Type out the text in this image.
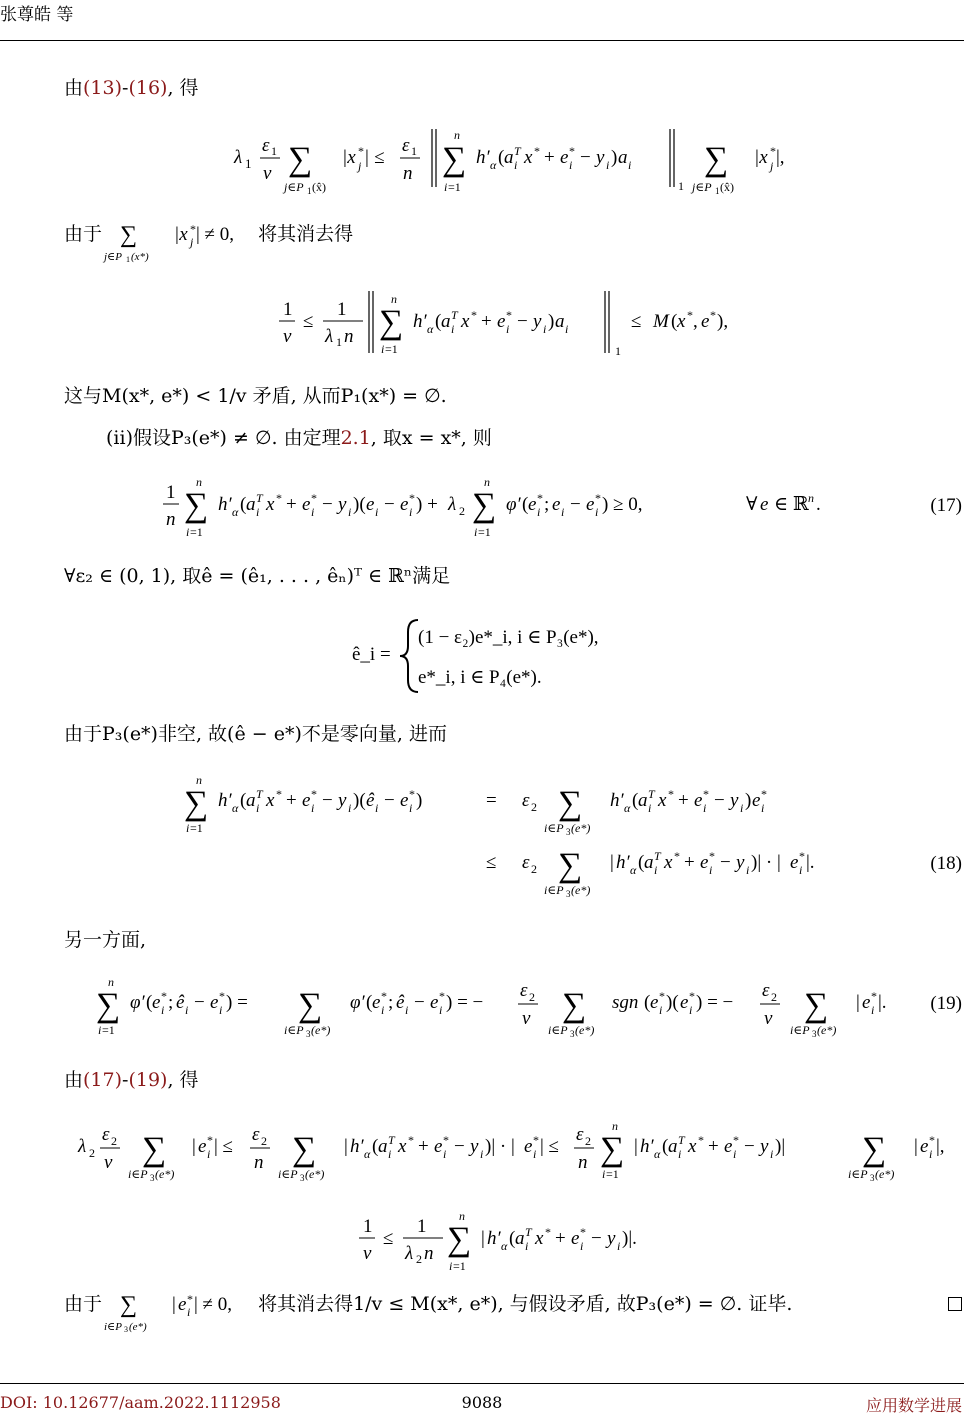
张尊皓 等
由(13)-(16), 得
λ 1
ε 1
v ∑
j∈P 1 (x̂)
|x *
j | ≤
ε 1
n ∑
n
i =1
h′ α ( a T
i x * + e *
i − y i ) a i
1
∑
j∈P 1 (x̂)
|x *
j |,
由于	将其消去得
∑
j∈P 1 (x*)
|x *
j | ≠ 0,
1
v
≤
1
λ 1 n ∑
n
i =1
h′ α ( a T
i x * + e *
i − y i ) a i
1
≤ M ( x * , e * ),
这与M(x*, e*) < 1/v 矛盾, 从而P₁(x*) = ∅.
(ii)假设P₃(e*) ≠ ∅. 由定理2.1, 取x = x*, 则
1
n ∑
n
i =1
h′ α ( a T
i x * + e *
i − y i )( e i − e *
i ) + λ 2 ∑
n
i =1
φ′ ( e *
i ; e i − e *
i ) ≥ 0,	∀ e ∈ ℝ n .	(17)
∀ε₂ ∈ (0, 1), 取ê = (ê₁, . . . , êₙ)ᵀ ∈ ℝⁿ满足
ê_i =
(1 − ε₂)e*_i, i ∈ P₃(e*),
e*_i, i ∈ P₄(e*).
由于P₃(e*)非空, 故(ê − e*)不是零向量, 进而
∑
n
i =1
h′ α ( a T
i x * + e *
i − y i )( ê i − e *
i )	= ε 2 ∑
i∈P 3 (e*)
h′ α ( a T
i x * + e *
i − y i ) e *
i
≤ ε 2 ∑
i∈P 3 (e*)
| h′ α ( a T
i x * + e *
i − y i )| · | e *
i |.	(18)
另一方面,
∑
n
i =1
φ′ ( e *
i ; ê i − e *
i ) = ∑
i∈P 3 (e*)
φ′ ( e *
i ; ê i − e *
i ) = −
ε 2
v ∑
i∈P 3 (e*)
sgn ( e *
i )( e *
i ) = −
ε 2
v ∑
i∈P 3 (e*)
| e *
i |. (19)
由(17)-(19), 得
λ 2
ε 2
v ∑
i∈P 3 (e*)
| e *
i | ≤
ε 2
n ∑
i∈P 3 (e*)
| h′ α ( a T
i x * + e *
i − y i )| · | e *
i | ≤
ε 2
n ∑
n
i =1
| h′ α ( a T
i x * + e *
i − y i )| ∑
i∈P 3 (e*)
| e *
i |,
1
v
≤
1
λ 2 n ∑
n
i =1
| h′ α ( a T
i x * + e *
i − y i )|.
由于	将其消去得1/v ≤ M(x*, e*), 与假设矛盾, 故P₃(e*) = ∅. 证毕.
∑
i∈P 3 (e*)
| e *
i | ≠ 0,
DOI: 10.12677/aam.2022.1112958	9088	应用数学进展
